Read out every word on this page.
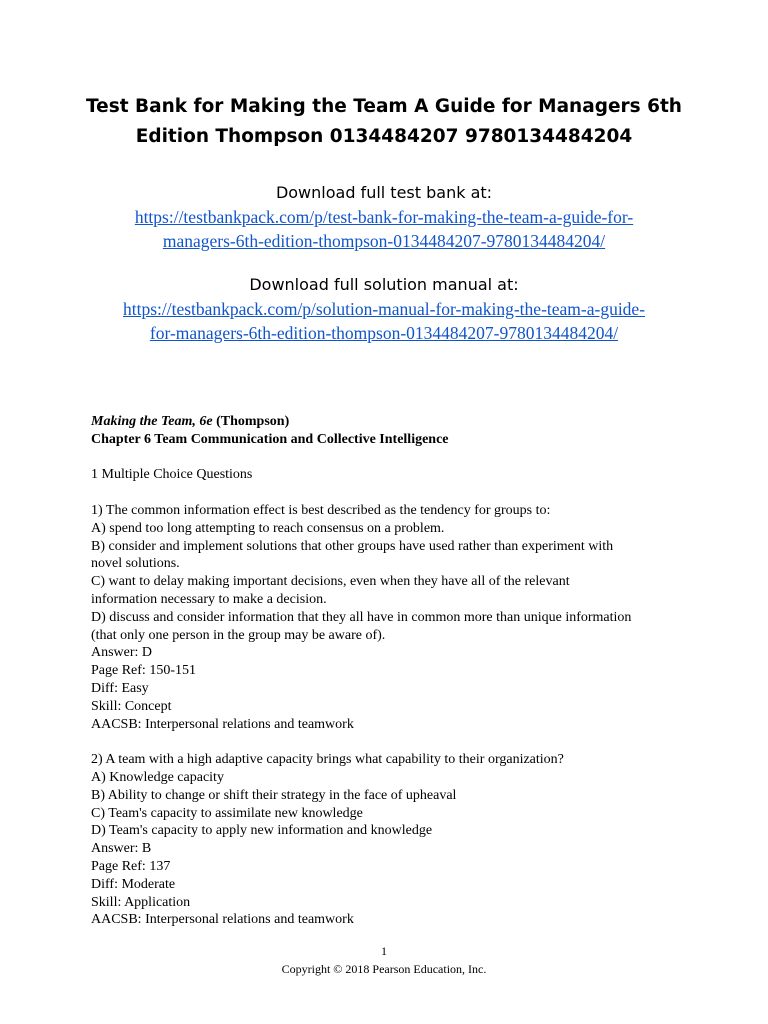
Test Bank for Making the Team A Guide for Managers 6th
Edition Thompson 0134484207 9780134484204
Download full test bank at:
https://testbankpack.com/p/test-bank-for-making-the-team-a-guide-for-
managers-6th-edition-thompson-0134484207-9780134484204/
Download full solution manual at:
https://testbankpack.com/p/solution-manual-for-making-the-team-a-guide-
for-managers-6th-edition-thompson-0134484207-9780134484204/
Making the Team, 6e (Thompson)
Chapter 6 Team Communication and Collective Intelligence
1 Multiple Choice Questions
1) The common information effect is best described as the tendency for groups to:
A) spend too long attempting to reach consensus on a problem.
B) consider and implement solutions that other groups have used rather than experiment with
novel solutions.
C) want to delay making important decisions, even when they have all of the relevant
information necessary to make a decision.
D) discuss and consider information that they all have in common more than unique information
(that only one person in the group may be aware of).
Answer: D
Page Ref: 150-151
Diff: Easy
Skill: Concept
AACSB: Interpersonal relations and teamwork
2) A team with a high adaptive capacity brings what capability to their organization?
A) Knowledge capacity
B) Ability to change or shift their strategy in the face of upheaval
C) Team's capacity to assimilate new knowledge
D) Team's capacity to apply new information and knowledge
Answer: B
Page Ref: 137
Diff: Moderate
Skill: Application
AACSB: Interpersonal relations and teamwork
1
Copyright © 2018 Pearson Education, Inc.
